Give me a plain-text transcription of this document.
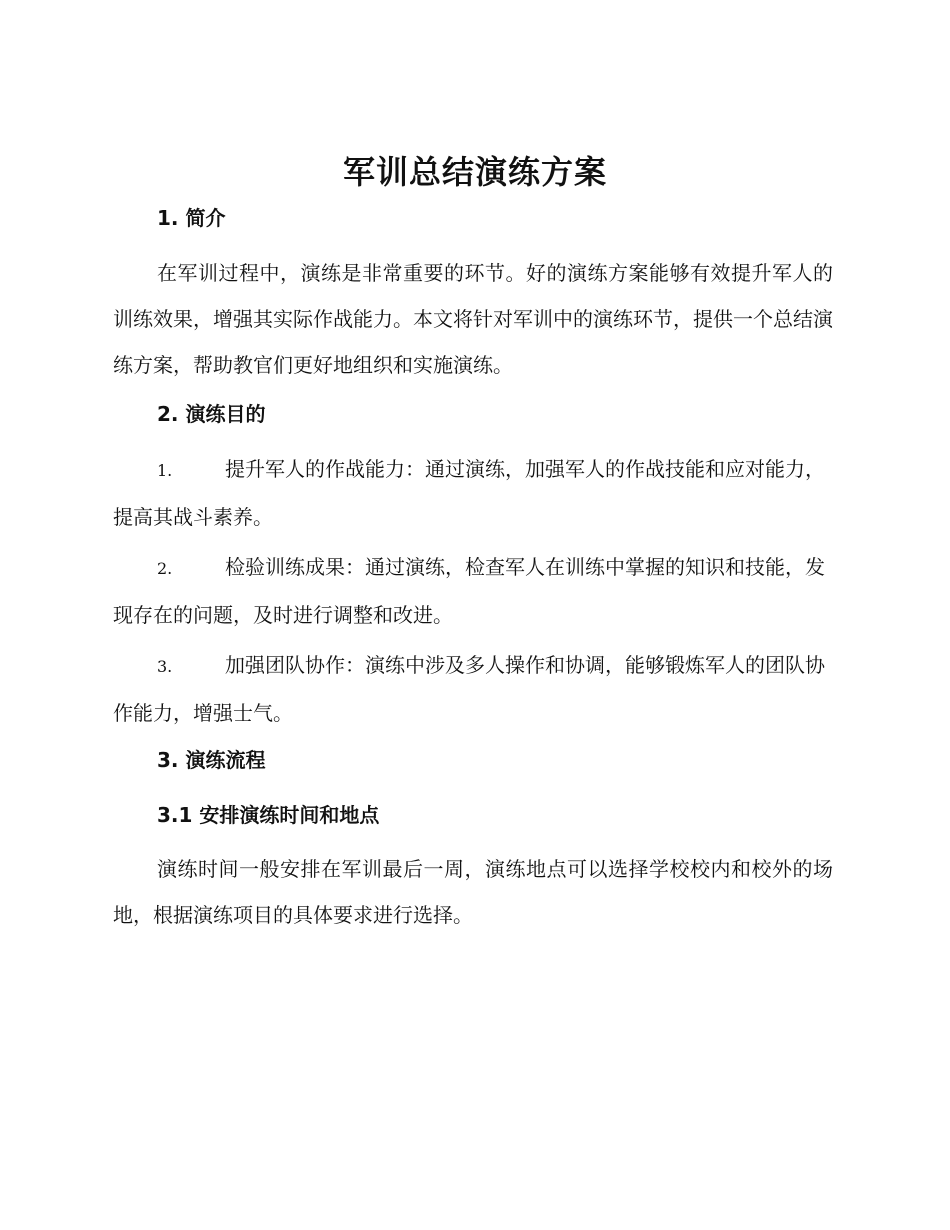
军训总结演练方案
1. 简介
在军训过程中，演练是非常重要的环节。好的演练方案能够有效提升军人的训练效果，增强其实际作战能力。本文将针对军训中的演练环节，提供一个总结演练方案，帮助教官们更好地组织和实施演练。
2. 演练目的
1.	提升军人的作战能力：通过演练，加强军人的作战技能和应对能力，提高其战斗素养。
2.	检验训练成果：通过演练，检查军人在训练中掌握的知识和技能，发现存在的问题，及时进行调整和改进。
3.	加强团队协作：演练中涉及多人操作和协调，能够锻炼军人的团队协作能力，增强士气。
3. 演练流程
3.1 安排演练时间和地点
演练时间一般安排在军训最后一周，演练地点可以选择学校校内和校外的场地，根据演练项目的具体要求进行选择。
